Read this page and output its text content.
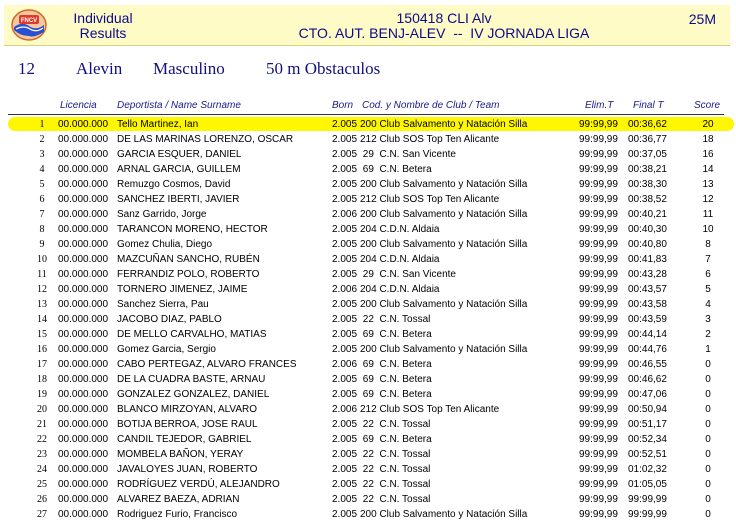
FNCV	Individual
Results
150418 CLI Alv
CTO. AUT. BENJ-ALEV  --  IV JORNADA LIGA
25M

12

Alevin

Masculino

50 m Obstaculos

Licencia Deportista / Name Surname	Born Cod. y Nombre de Club / Team	Elim.T Final T	Score
1	00.000.000 Tello Martinez, Ian	2.005 200 Club Salvamento y Natación Silla	99:99,99 00:36,62	20
2	00.000.000 DE LAS MARINAS LORENZO, OSCAR	2.005 212 Club SOS Top Ten Alicante	99:99,99 00:36,77	18
3	00.000.000 GARCIA ESQUER, DANIEL	2.005 29  C.N. San Vicente	99:99,99 00:37,05	16
4	00.000.000 ARNAL GARCIA, GUILLEM	2.005 69  C.N. Betera	99:99,99 00:38,21	14
5	00.000.000 Remuzgo Cosmos, David	2.005 200 Club Salvamento y Natación Silla	99:99,99 00:38,30	13
6	00.000.000 SANCHEZ IBERTI, JAVIER	2.005 212 Club SOS Top Ten Alicante	99:99,99 00:38,52	12
7	00.000.000 Sanz Garrido, Jorge	2.006 200 Club Salvamento y Natación Silla	99:99,99 00:40,21	11
8	00.000.000 TARANCON MORENO, HECTOR	2.005 204 C.D.N. Aldaia	99:99,99 00:40,30	10
9	00.000.000 Gomez Chulia, Diego	2.005 200 Club Salvamento y Natación Silla	99:99,99 00:40,80	8
10	00.000.000 MAZCUÑAN SANCHO, RUBÉN	2.005 204 C.D.N. Aldaia	99:99,99 00:41,83	7
11	00.000.000 FERRANDIZ POLO, ROBERTO	2.005 29  C.N. San Vicente	99:99,99 00:43,28	6
12	00.000.000 TORNERO JIMENEZ, JAIME	2.006 204 C.D.N. Aldaia	99:99,99 00:43,57	5
13	00.000.000 Sanchez Sierra, Pau	2.005 200 Club Salvamento y Natación Silla	99:99,99 00:43,58	4
14	00.000.000 JACOBO DIAZ, PABLO	2.005 22  C.N. Tossal	99:99,99 00:43,59	3
15	00.000.000 DE MELLO CARVALHO, MATIAS	2.005 69  C.N. Betera	99:99,99 00:44,14	2
16	00.000.000 Gomez Garcia, Sergio	2.005 200 Club Salvamento y Natación Silla	99:99,99 00:44,76	1
17	00.000.000 CABO PERTEGAZ, ALVARO FRANCES	2.006 69  C.N. Betera	99:99,99 00:46,55	0
18	00.000.000 DE LA CUADRA BASTE, ARNAU	2.005 69  C.N. Betera	99:99,99 00:46,62	0
19	00.000.000 GONZALEZ GONZALEZ, DANIEL	2.005 69  C.N. Betera	99:99,99 00:47,06	0
20	00.000.000 BLANCO MIRZOYAN, ALVARO	2.006 212 Club SOS Top Ten Alicante	99:99,99 00:50,94	0
21	00.000.000 BOTIJA BERROA, JOSE RAUL	2.005 22  C.N. Tossal	99:99,99 00:51,17	0
22	00.000.000 CANDIL TEJEDOR, GABRIEL	2.005 69  C.N. Betera	99:99,99 00:52,34	0
23	00.000.000 MOMBELA BAÑON, YERAY	2.005 22  C.N. Tossal	99:99,99 00:52,51	0
24	00.000.000 JAVALOYES JUAN, ROBERTO	2.005 22  C.N. Tossal	99:99,99 01:02,32	0
25	00.000.000 RODRÍGUEZ VERDÚ, ALEJANDRO	2.005 22  C.N. Tossal	99:99,99 01:05,05	0
26	00.000.000 ALVAREZ BAEZA, ADRIAN	2.005 22  C.N. Tossal	99:99,99 99:99,99	0
27	00.000.000 Rodriguez Furio, Francisco	2.005 200 Club Salvamento y Natación Silla	99:99,99 99:99,99	0
